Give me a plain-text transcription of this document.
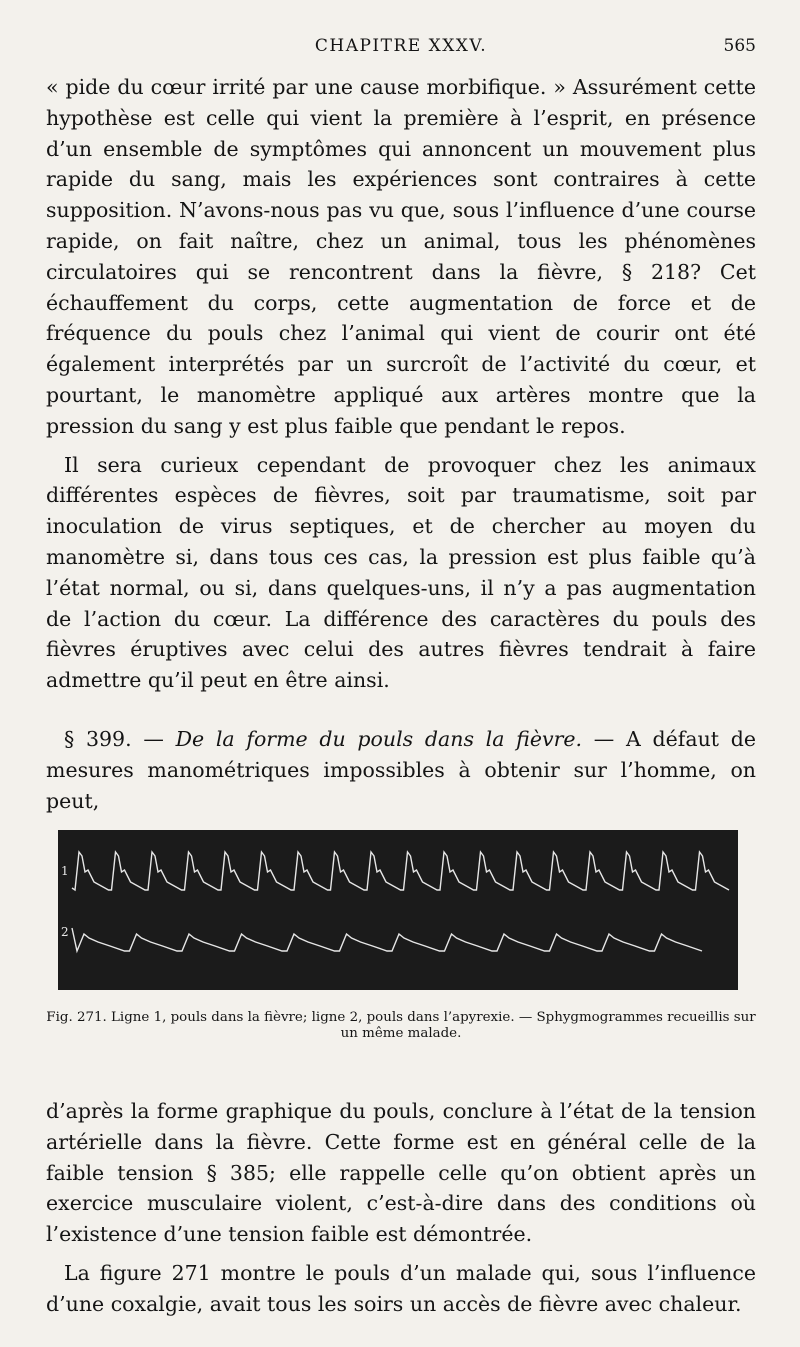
CHAPITRE XXXV.	565

« pide du cœur irrité par une cause morbifique. » Assurément cette hypothèse est celle qui vient la première à l’esprit, en présence d’un ensemble de symptômes qui annoncent un mouvement plus rapide du sang, mais les expériences sont contraires à cette supposition. N’avons-nous pas vu que, sous l’influence d’une course rapide, on fait naître, chez un animal, tous les phénomènes circulatoires qui se rencontrent dans la fièvre, § 218? Cet échauffement du corps, cette augmentation de force et de fréquence du pouls chez l’animal qui vient de courir ont été également interprétés par un surcroît de l’activité du cœur, et pourtant, le manomètre appliqué aux artères montre que la pression du sang y est plus faible que pendant le repos.

Il sera curieux cependant de provoquer chez les animaux différentes espèces de fièvres, soit par traumatisme, soit par inoculation de virus septiques, et de chercher au moyen du manomètre si, dans tous ces cas, la pression est plus faible qu’à l’état normal, ou si, dans quelques-uns, il n’y a pas augmentation de l’action du cœur. La différence des caractères du pouls des fièvres éruptives avec celui des autres fièvres tendrait à faire admettre qu’il peut en être ainsi.

§ 399. — De la forme du pouls dans la fièvre. — A défaut de mesures manométriques impossibles à obtenir sur l’homme, on peut,

1
2
Fig. 271. Ligne 1, pouls dans la fièvre; ligne 2, pouls dans l’apyrexie. — Sphygmogrammes recueillis sur un même malade.

d’après la forme graphique du pouls, conclure à l’état de la tension artérielle dans la fièvre. Cette forme est en général celle de la faible tension § 385; elle rappelle celle qu’on obtient après un exercice musculaire violent, c’est-à-dire dans des conditions où l’existence d’une tension faible est démontrée.

La figure 271 montre le pouls d’un malade qui, sous l’influence d’une coxalgie, avait tous les soirs un accès de fièvre avec chaleur.
